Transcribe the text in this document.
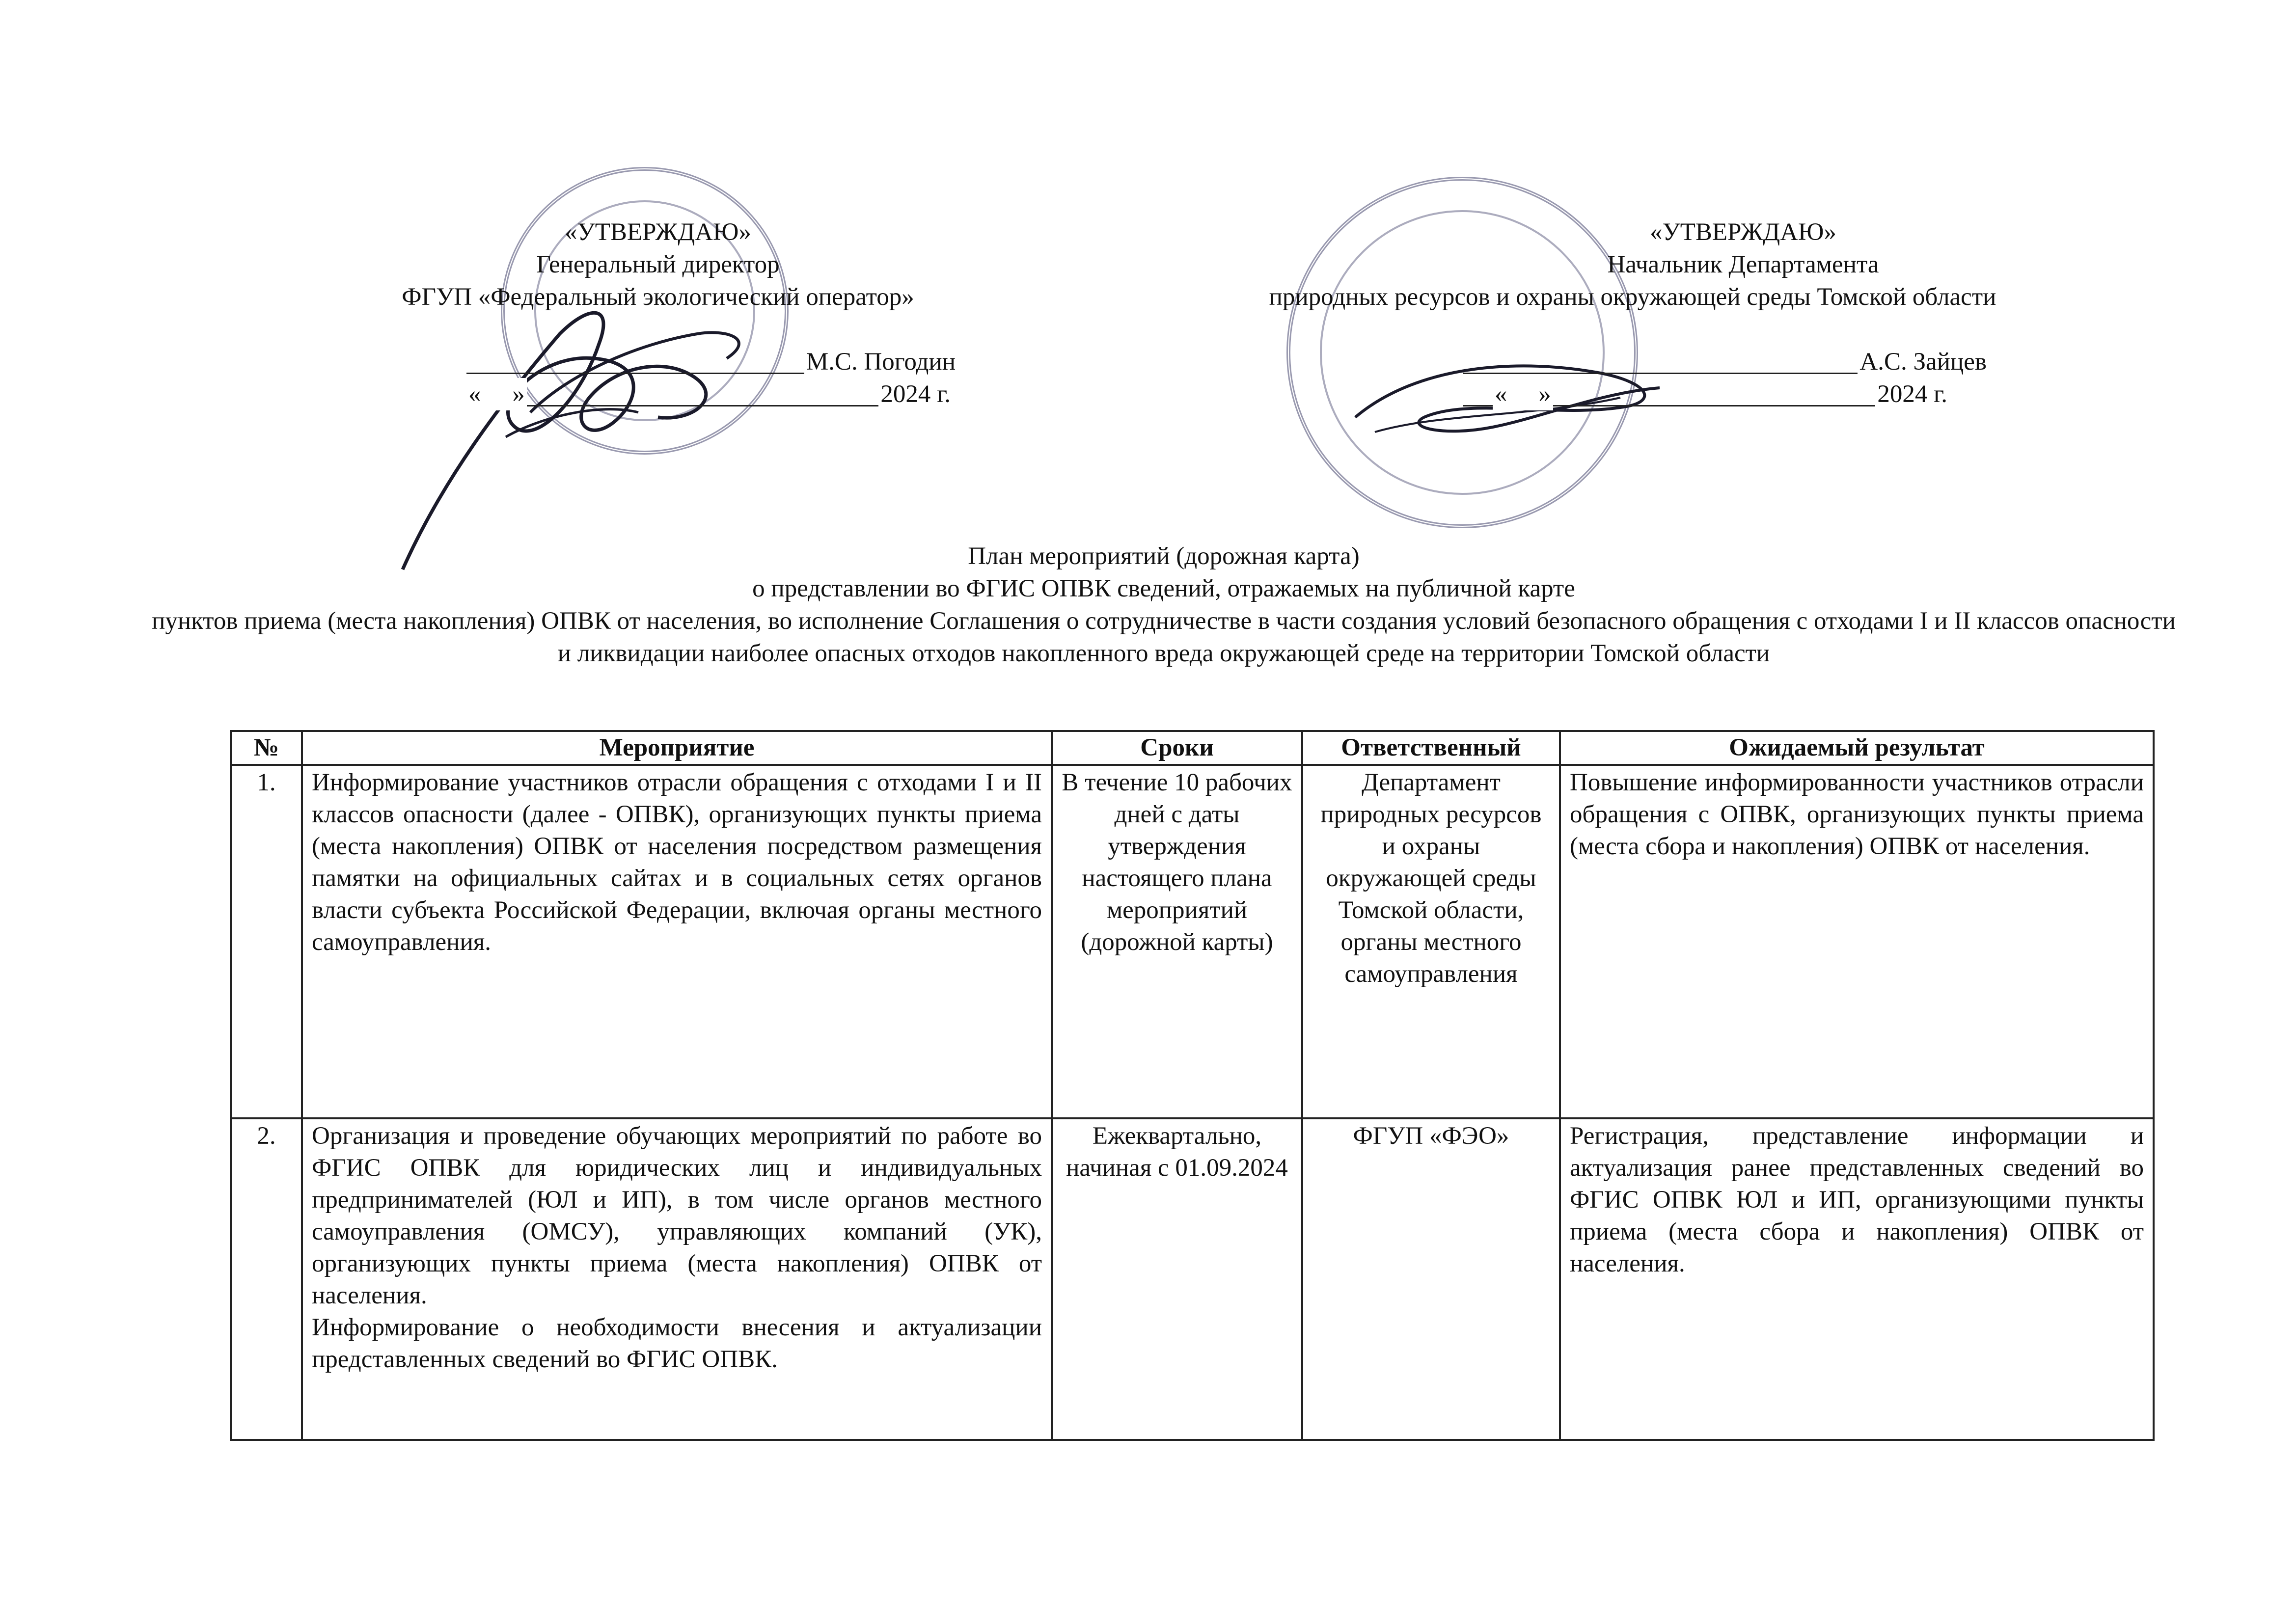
«УТВЕРЖДАЮ»
Генеральный директор
ФГУП «Федеральный экологический оператор»
М.С. Погодин
«     »	2024 г.
«УТВЕРЖДАЮ»
Начальник Департамента
природных ресурсов и охраны окружающей среды Томской области
А.С. Зайцев
«     »	2024 г.
План мероприятий (дорожная карта)
о представлении во ФГИС ОПВК сведений, отражаемых на публичной карте
пунктов приема (места накопления) ОПВК от населения, во исполнение Соглашения о сотрудничестве в части создания условий безопасного обращения с отходами I и II классов опасности и ликвидации наиболее опасных отходов накопленного вреда окружающей среде на территории Томской области
№	Мероприятие	Сроки	Ответственный	Ожидаемый результат
1.	Информирование участников отрасли обращения с отходами I и II классов опасности (далее - ОПВК), организующих пункты приема (места накопления) ОПВК от населения посредством размещения памятки на официальных сайтах и в социальных сетях органов власти субъекта Российской Федерации, включая органы местного самоуправления.	В течение 10 рабочих дней с даты утверждения настоящего плана мероприятий (дорожной карты)	Департамент природных ресурсов и охраны окружающей среды Томской области, органы местного самоуправления	Повышение информированности участников отрасли обращения с ОПВК, организующих пункты приема (места сбора и накопления) ОПВК от населения.
2.	Организация и проведение обучающих мероприятий по работе во ФГИС ОПВК для юридических лиц и индивидуальных предпринимателей (ЮЛ и ИП), в том числе органов местного самоуправления (ОМСУ), управляющих компаний (УК), организующих пункты приема (места накопления) ОПВК от населения.
Информирование о необходимости внесения и актуализации представленных сведений во ФГИС ОПВК.	Ежеквартально, начиная с 01.09.2024	ФГУП «ФЭО»	Регистрация, представление информации и актуализация ранее представленных сведений во ФГИС ОПВК ЮЛ и ИП, организующими пункты приема (места сбора и накопления) ОПВК от населения.
